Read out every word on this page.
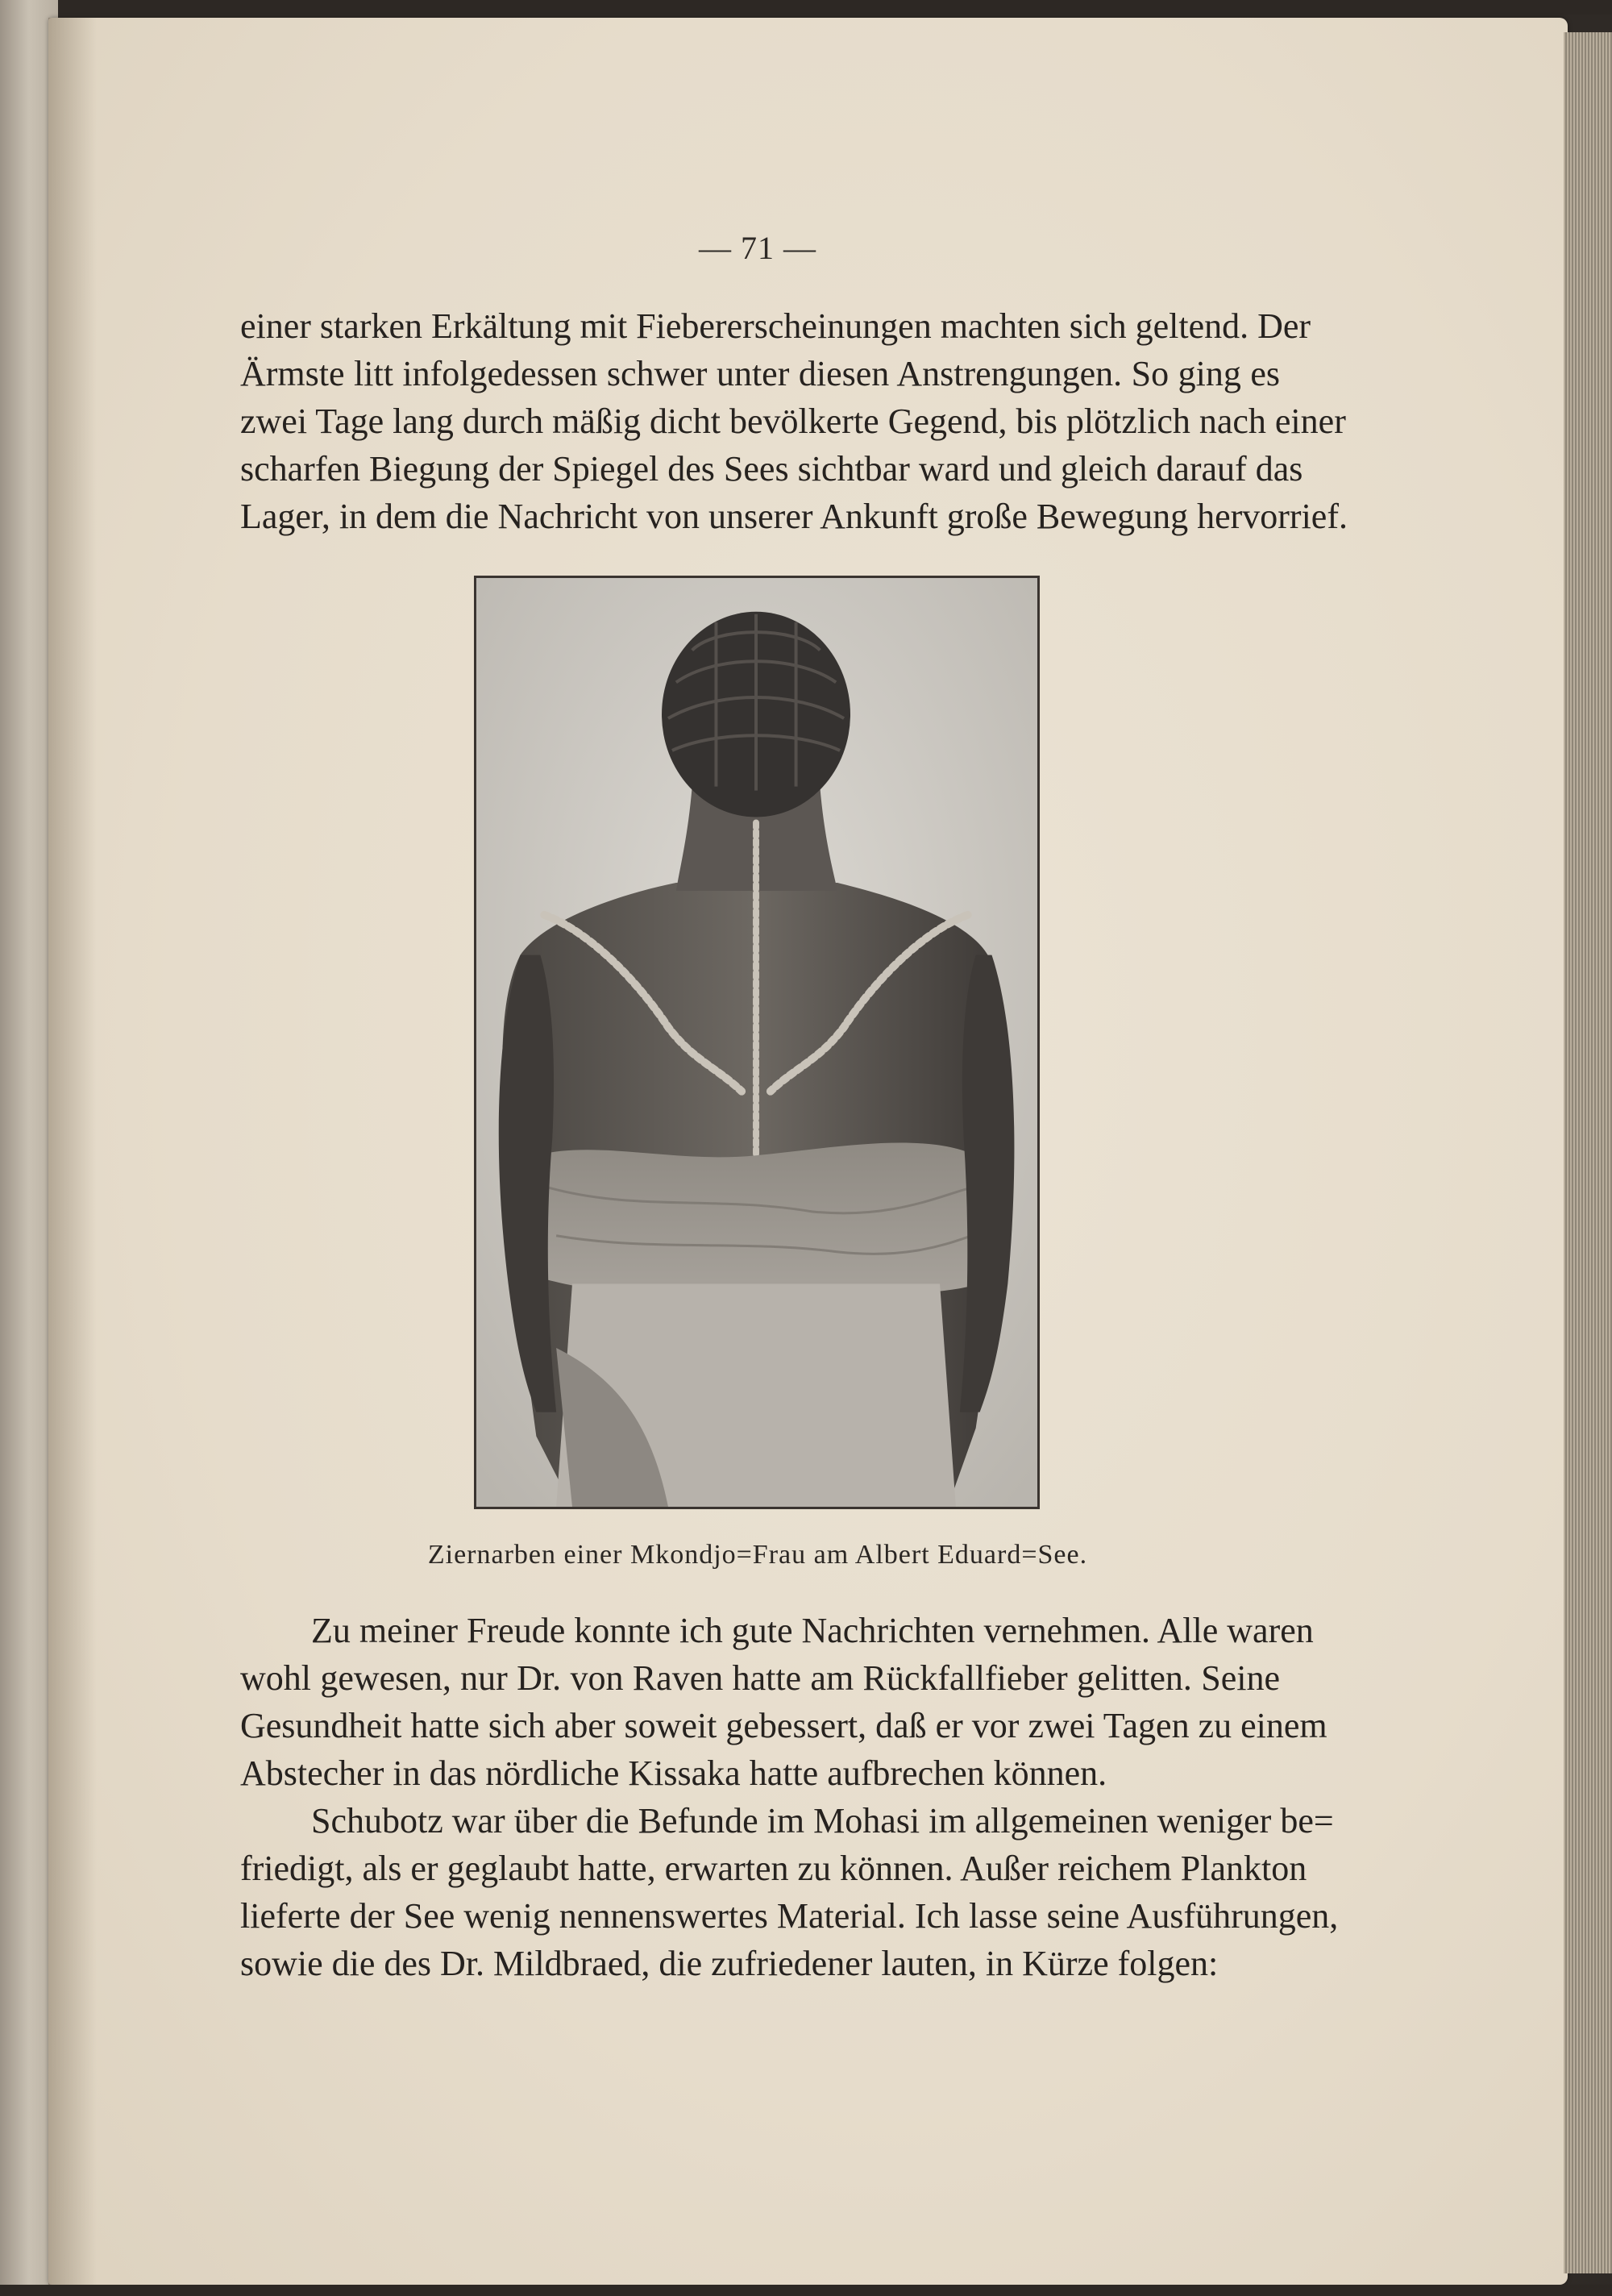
— 71 —
einer starken Erkältung mit Fiebererscheinungen machten sich geltend. Der
Ärmste litt infolgedessen schwer unter diesen Anstrengungen. So ging es
zwei Tage lang durch mäßig dicht bevölkerte Gegend, bis plötzlich nach einer
scharfen Biegung der Spiegel des Sees sichtbar ward und gleich darauf das
Lager, in dem die Nachricht von unserer Ankunft große Bewegung hervorrief.
Ziernarben einer Mkondjo=Frau am Albert Eduard=See.
Zu meiner Freude konnte ich gute Nachrichten vernehmen. Alle waren
wohl gewesen, nur Dr. von Raven hatte am Rückfallfieber gelitten. Seine
Gesundheit hatte sich aber soweit gebessert, daß er vor zwei Tagen zu einem
Abstecher in das nördliche Kissaka hatte aufbrechen können.
Schubotz war über die Befunde im Mohasi im allgemeinen weniger be=
friedigt, als er geglaubt hatte, erwarten zu können. Außer reichem Plankton
lieferte der See wenig nennenswertes Material. Ich lasse seine Ausführungen,
sowie die des Dr. Mildbraed, die zufriedener lauten, in Kürze folgen:
